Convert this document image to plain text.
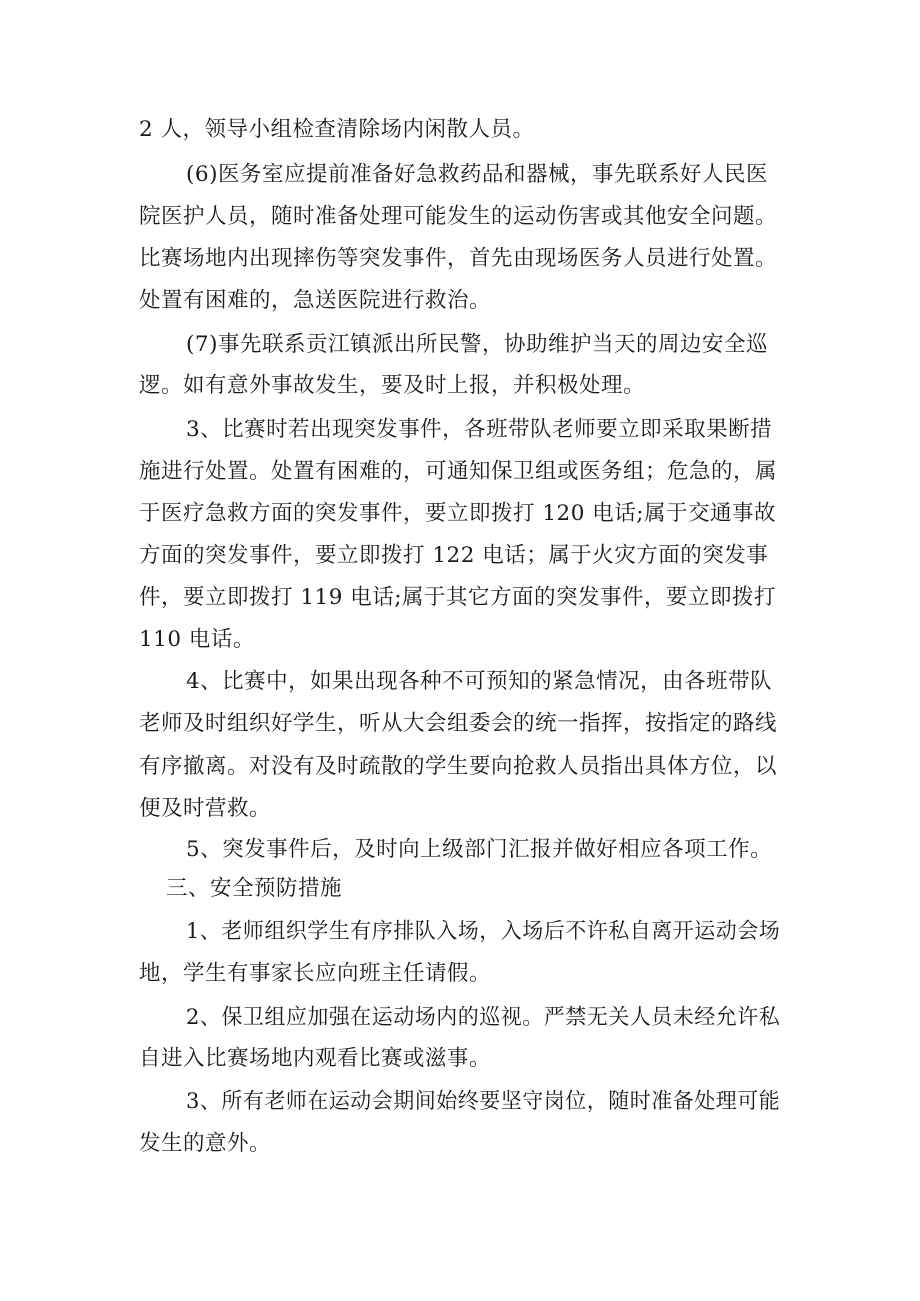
2 人，领导小组检查清除场内闲散人员。

(6)医务室应提前准备好急救药品和器械，事先联系好人民医

院医护人员，随时准备处理可能发生的运动伤害或其他安全问题。

比赛场地内出现摔伤等突发事件，首先由现场医务人员进行处置。

处置有困难的，急送医院进行救治。

(7)事先联系贡江镇派出所民警，协助维护当天的周边安全巡

逻。如有意外事故发生，要及时上报，并积极处理。

3、比赛时若出现突发事件，各班带队老师要立即采取果断措

施进行处置。处置有困难的，可通知保卫组或医务组；危急的，属

于医疗急救方面的突发事件，要立即拨打 120 电话;属于交通事故

方面的突发事件，要立即拨打 122 电话；属于火灾方面的突发事

件，要立即拨打 119 电话;属于其它方面的突发事件，要立即拨打

110 电话。

4、比赛中，如果出现各种不可预知的紧急情况，由各班带队

老师及时组织好学生，听从大会组委会的统一指挥，按指定的路线

有序撤离。对没有及时疏散的学生要向抢救人员指出具体方位，以

便及时营救。

5、突发事件后，及时向上级部门汇报并做好相应各项工作。

三、安全预防措施

1、老师组织学生有序排队入场，入场后不许私自离开运动会场

地，学生有事家长应向班主任请假。

2、保卫组应加强在运动场内的巡视。严禁无关人员未经允许私

自进入比赛场地内观看比赛或滋事。

3、所有老师在运动会期间始终要坚守岗位，随时准备处理可能

发生的意外。
